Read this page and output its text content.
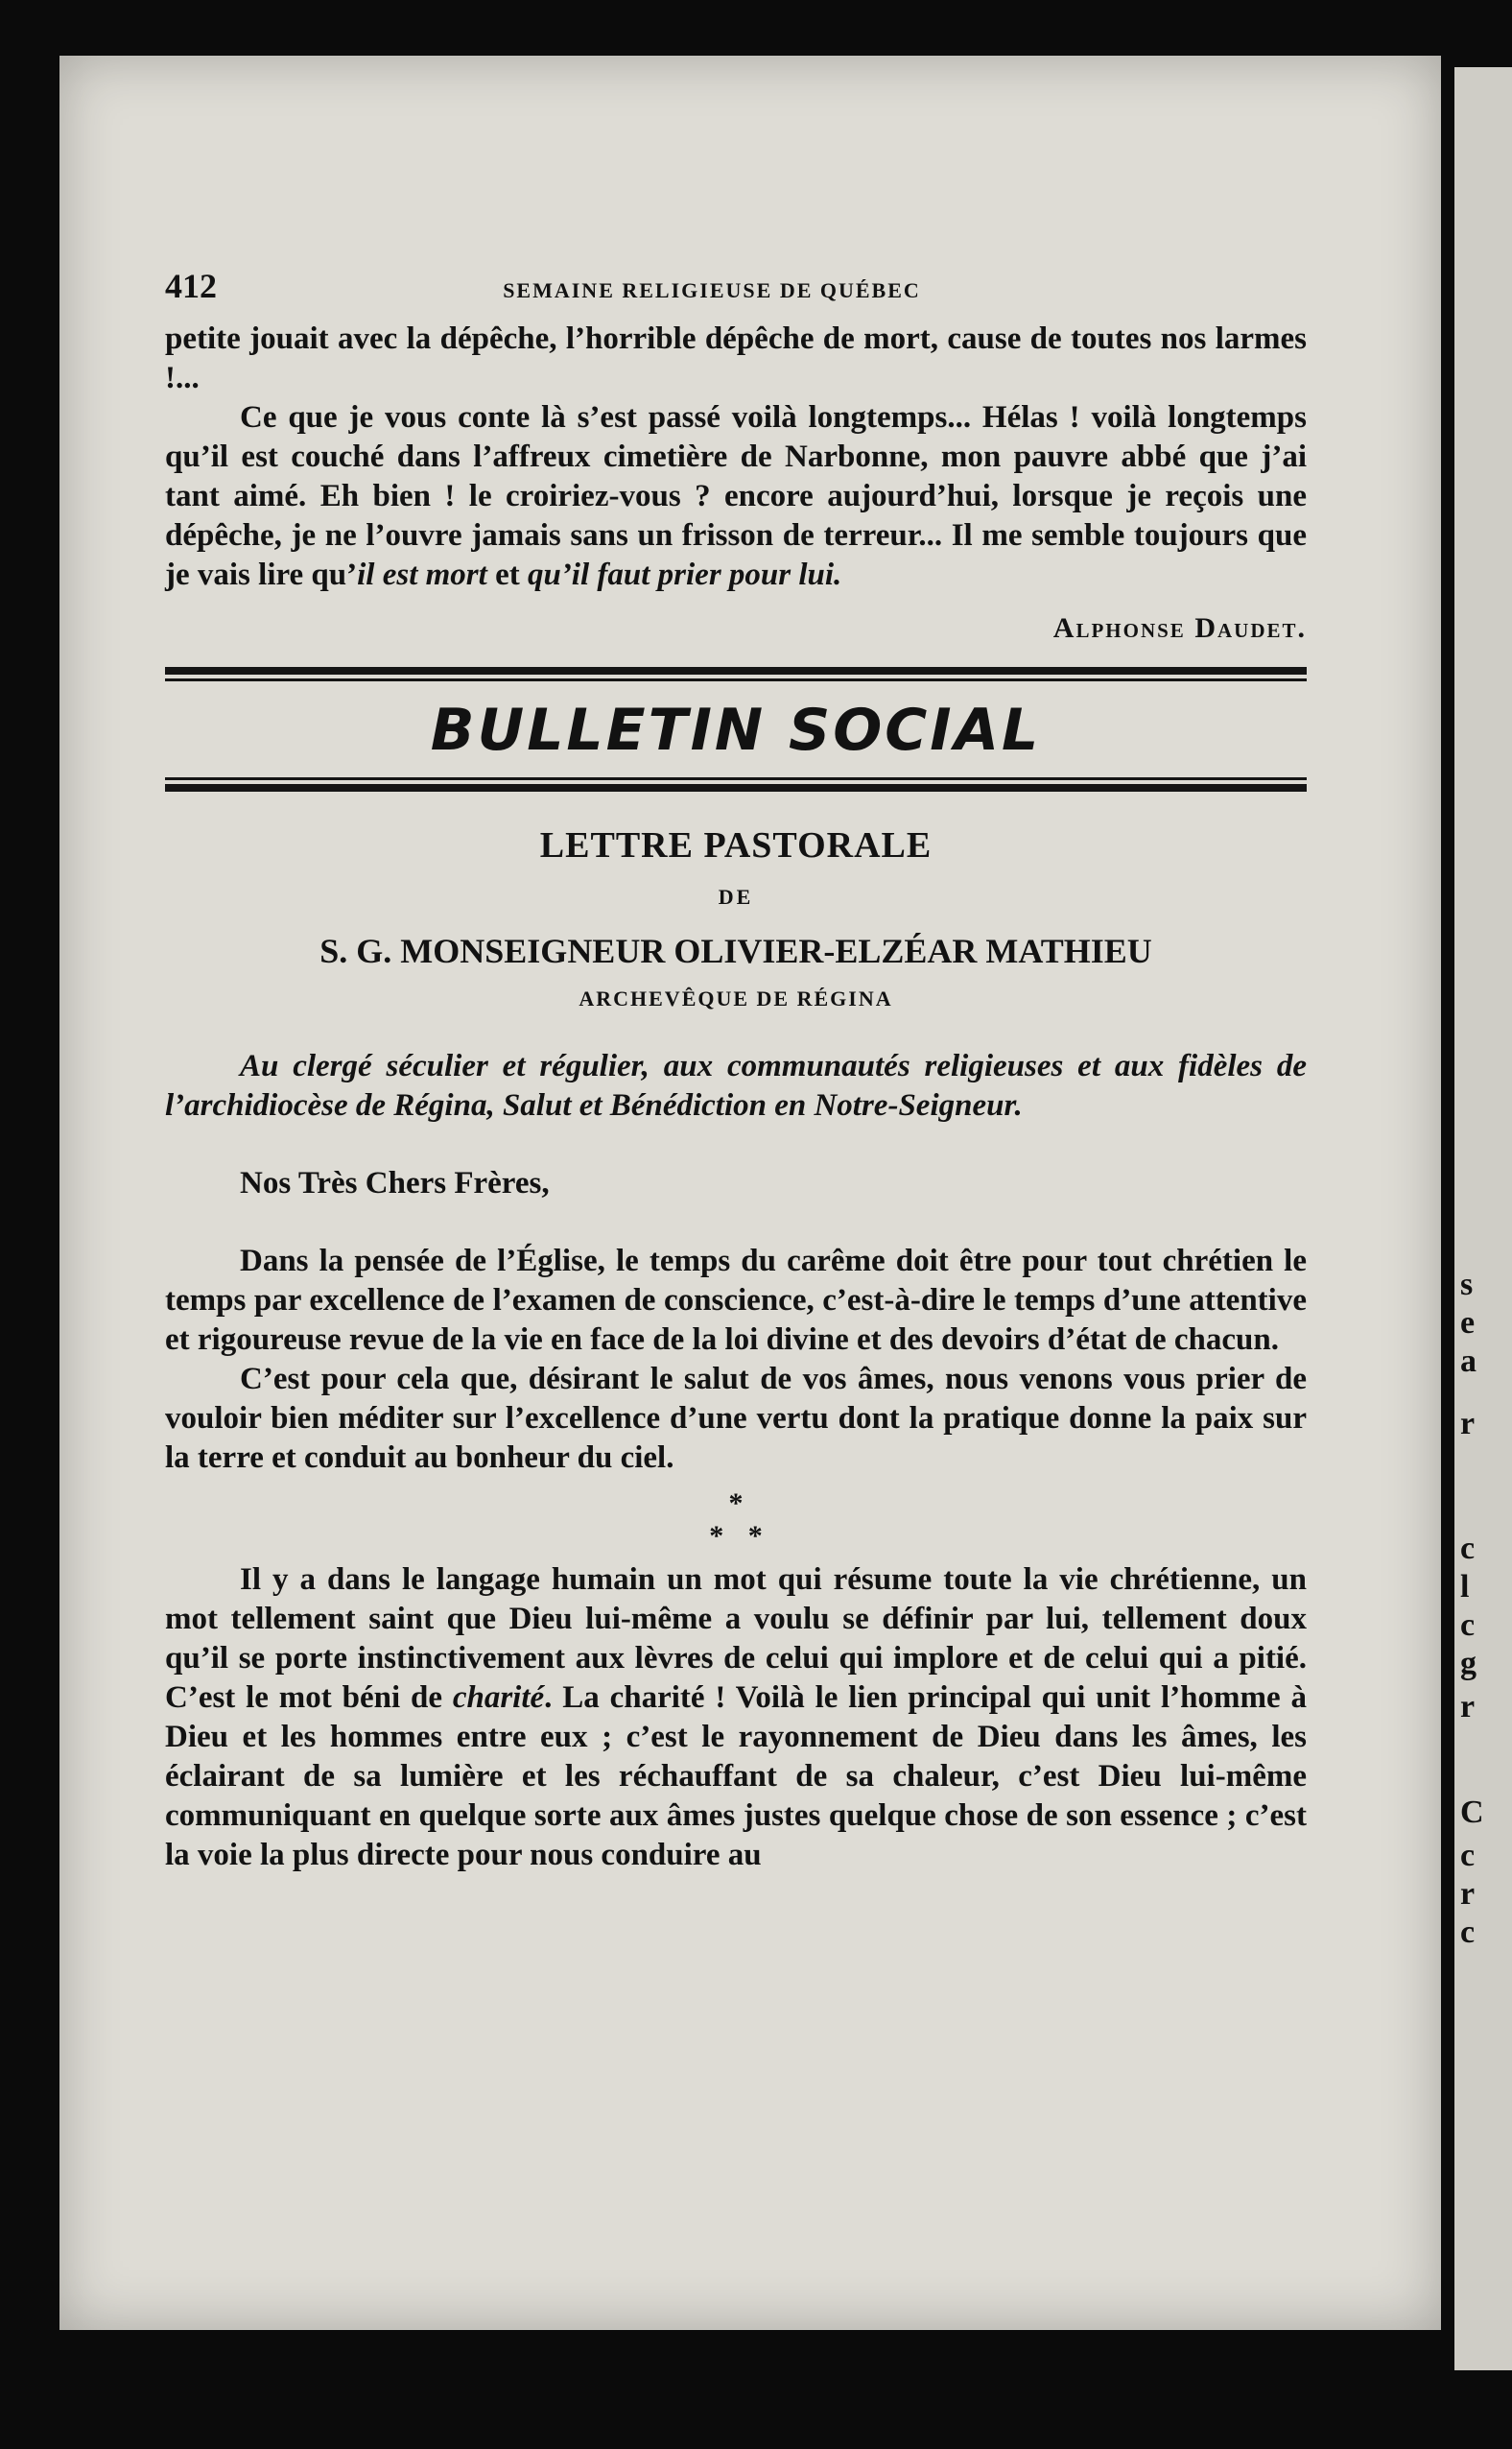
s
e
a
r
c
l
c
g
r
C
c
r
c
412	SEMAINE RELIGIEUSE DE QUÉBEC

petite jouait avec la dépêche, l’horrible dépêche de mort, cause de toutes nos larmes !...

Ce que je vous conte là s’est passé voilà longtemps... Hélas ! voilà longtemps qu’il est couché dans l’affreux cimetière de Narbonne, mon pauvre abbé que j’ai tant aimé. Eh bien ! le croiriez-vous ? encore aujourd’hui, lorsque je reçois une dépêche, je ne l’ouvre jamais sans un frisson de terreur... Il me semble toujours que je vais lire qu’il est mort et qu’il faut prier pour lui.

Alphonse Daudet.

BULLETIN SOCIAL
LETTRE PASTORALE
DE
S. G. MONSEIGNEUR OLIVIER-ELZÉAR MATHIEU
ARCHEVÊQUE DE RÉGINA

Au clergé séculier et régulier, aux communautés religieuses et aux fidèles de l’archidiocèse de Régina, Salut et Bénédiction en Notre-Seigneur.

Nos Très Chers Frères,

Dans la pensée de l’Église, le temps du carême doit être pour tout chrétien le temps par excellence de l’examen de conscience, c’est-à-dire le temps d’une attentive et rigoureuse revue de la vie en face de la loi divine et des devoirs d’état de chacun.

C’est pour cela que, désirant le salut de vos âmes, nous venons vous prier de vouloir bien méditer sur l’excellence d’une vertu dont la pratique donne la paix sur la terre et conduit au bonheur du ciel.

*
* *

Il y a dans le langage humain un mot qui résume toute la vie chrétienne, un mot tellement saint que Dieu lui-même a voulu se définir par lui, tellement doux qu’il se porte instinctivement aux lèvres de celui qui implore et de celui qui a pitié. C’est le mot béni de charité. La charité ! Voilà le lien principal qui unit l’homme à Dieu et les hommes entre eux ; c’est le rayonnement de Dieu dans les âmes, les éclairant de sa lumière et les réchauffant de sa chaleur, c’est Dieu lui-même communiquant en quelque sorte aux âmes justes quelque chose de son essence ; c’est la voie la plus directe pour nous conduire au
